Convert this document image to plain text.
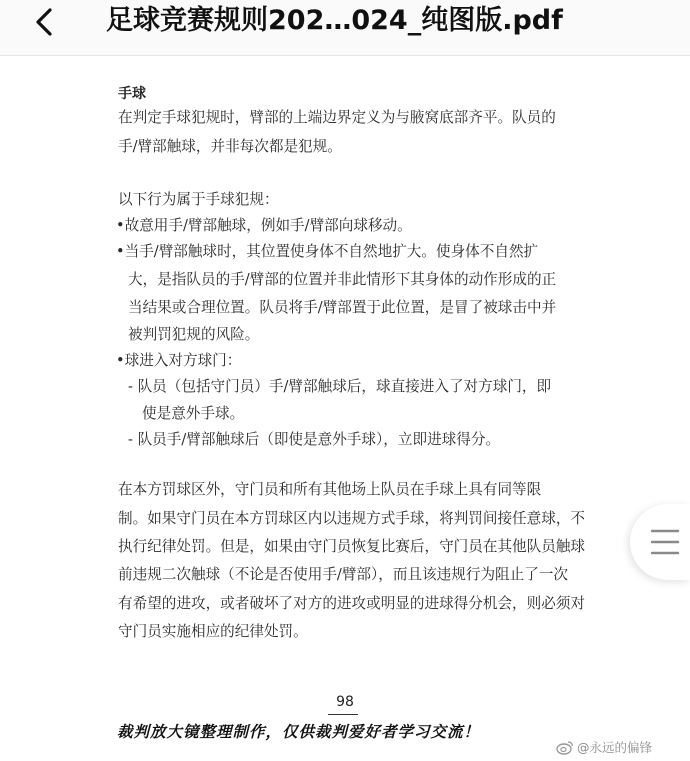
足球竞赛规则202…024_纯图版.pdf
手球
在判定手球犯规时，臂部的上端边界定义为与腋窝底部齐平。队员的
手/臂部触球，并非每次都是犯规。
以下行为属于手球犯规：
•故意用手/臂部触球，例如手/臂部向球移动。
•当手/臂部触球时，其位置使身体不自然地扩大。使身体不自然扩
大，是指队员的手/臂部的位置并非此情形下其身体的动作形成的正
当结果或合理位置。队员将手/臂部置于此位置，是冒了被球击中并
被判罚犯规的风险。
•球进入对方球门：
- 队员（包括守门员）手/臂部触球后，球直接进入了对方球门，即
使是意外手球。
- 队员手/臂部触球后（即使是意外手球），立即进球得分。
在本方罚球区外，守门员和所有其他场上队员在手球上具有同等限
制。如果守门员在本方罚球区内以违规方式手球，将判罚间接任意球，不
执行纪律处罚。但是，如果由守门员恢复比赛后，守门员在其他队员触球
前违规二次触球（不论是否使用手/臂部），而且该违规行为阻止了一次
有希望的进攻，或者破坏了对方的进攻或明显的进球得分机会，则必须对
守门员实施相应的纪律处罚。
98
裁判放大镜整理制作，仅供裁判爱好者学习交流！
@永远的偏锋
